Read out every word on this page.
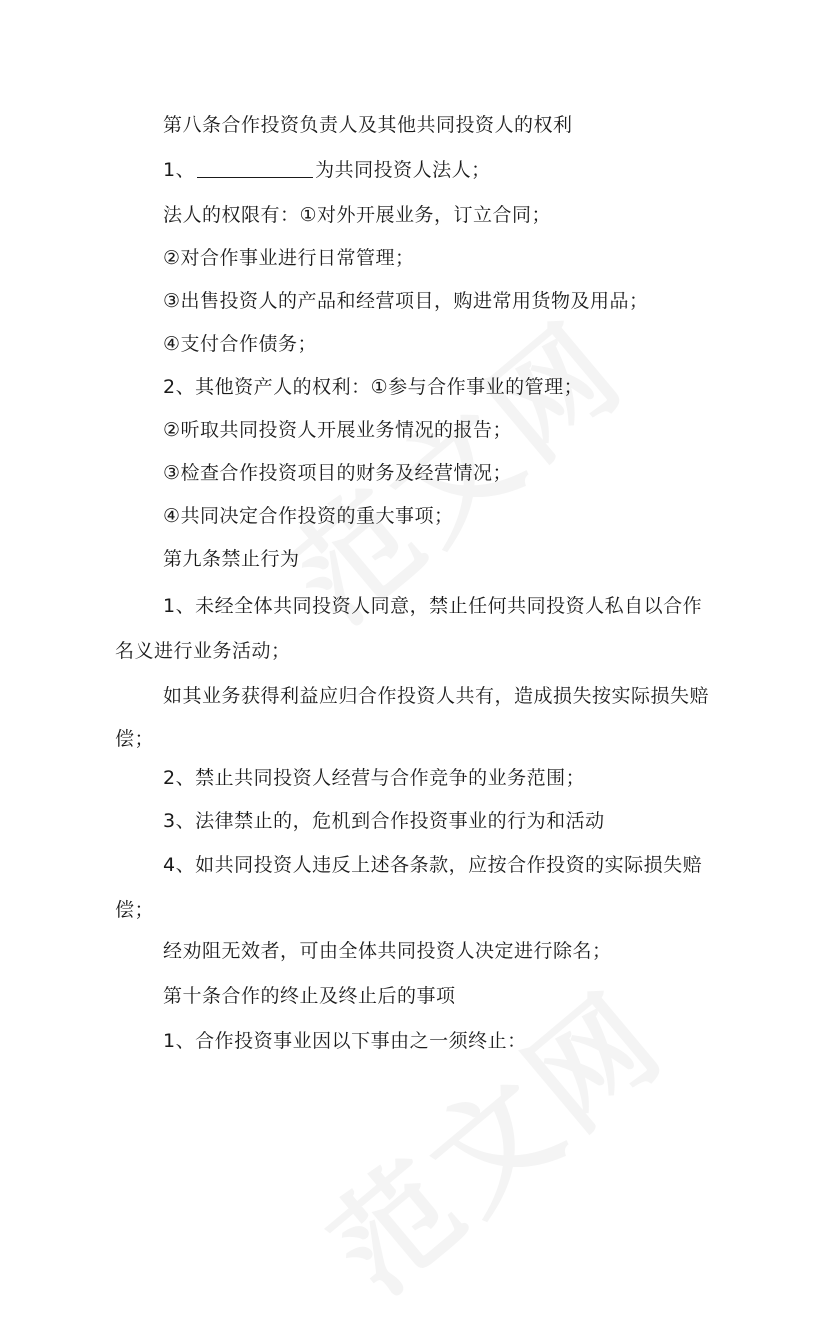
第八条合作投资负责人及其他共同投资人的权利
1、	为共同投资人法人；
法人的权限有：①对外开展业务，订立合同；
②对合作事业进行日常管理；
③出售投资人的产品和经营项目，购进常用货物及用品；
④支付合作债务；
2、其他资产人的权利：①参与合作事业的管理；
②听取共同投资人开展业务情况的报告；
③检查合作投资项目的财务及经营情况；
④共同决定合作投资的重大事项；
第九条禁止行为
1、未经全体共同投资人同意，禁止任何共同投资人私自以合作
名义进行业务活动；
如其业务获得利益应归合作投资人共有，造成损失按实际损失赔
偿；
2、禁止共同投资人经营与合作竞争的业务范围；
3、法律禁止的，危机到合作投资事业的行为和活动
4、如共同投资人违反上述各条款，应按合作投资的实际损失赔
偿；
经劝阻无效者，可由全体共同投资人决定进行除名；
第十条合作的终止及终止后的事项
1、合作投资事业因以下事由之一须终止：
